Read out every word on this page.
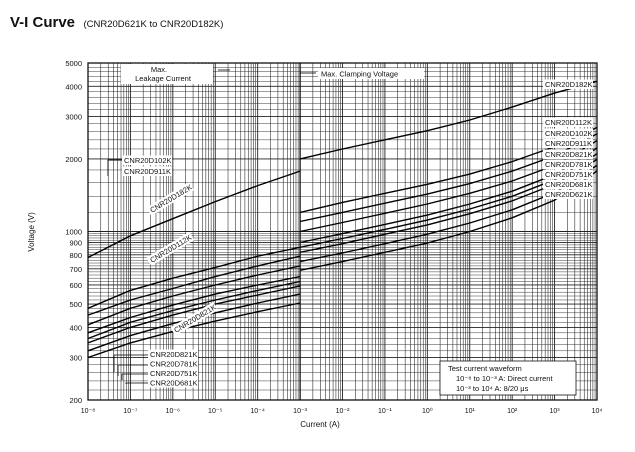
V-I Curve (CNR20D621K to CNR20D182K)
10⁻⁸	10⁻⁷	10⁻⁶	10⁻⁵	10⁻⁴	10⁻³	10⁻²	10⁻¹	10⁰	10¹	10²	10³	10⁴
200
300
400
500
600
700
800
900
1000
2000
3000
4000
5000
CNR20D182K
CNR20D112K
CNR20D102K
CNR20D911K
CNR20D821K
CNR20D781K
CNR20D751K
CNR20D681K
CNR20D621K
CNR20D102K
CNR20D911K
CNR20D182K
CNR20D112K
CNR20D821K
CNR20D821K
CNR20D781K
CNR20D751K
CNR20D681K
Max.
Leakage Current	Max. Clamping Voltage
Test current waveform
10⁻⁸ to 10⁻³ A: Direct current
10⁻³ to 10⁴ A: 8/20 μs
Current (A)
Voltage (V)
